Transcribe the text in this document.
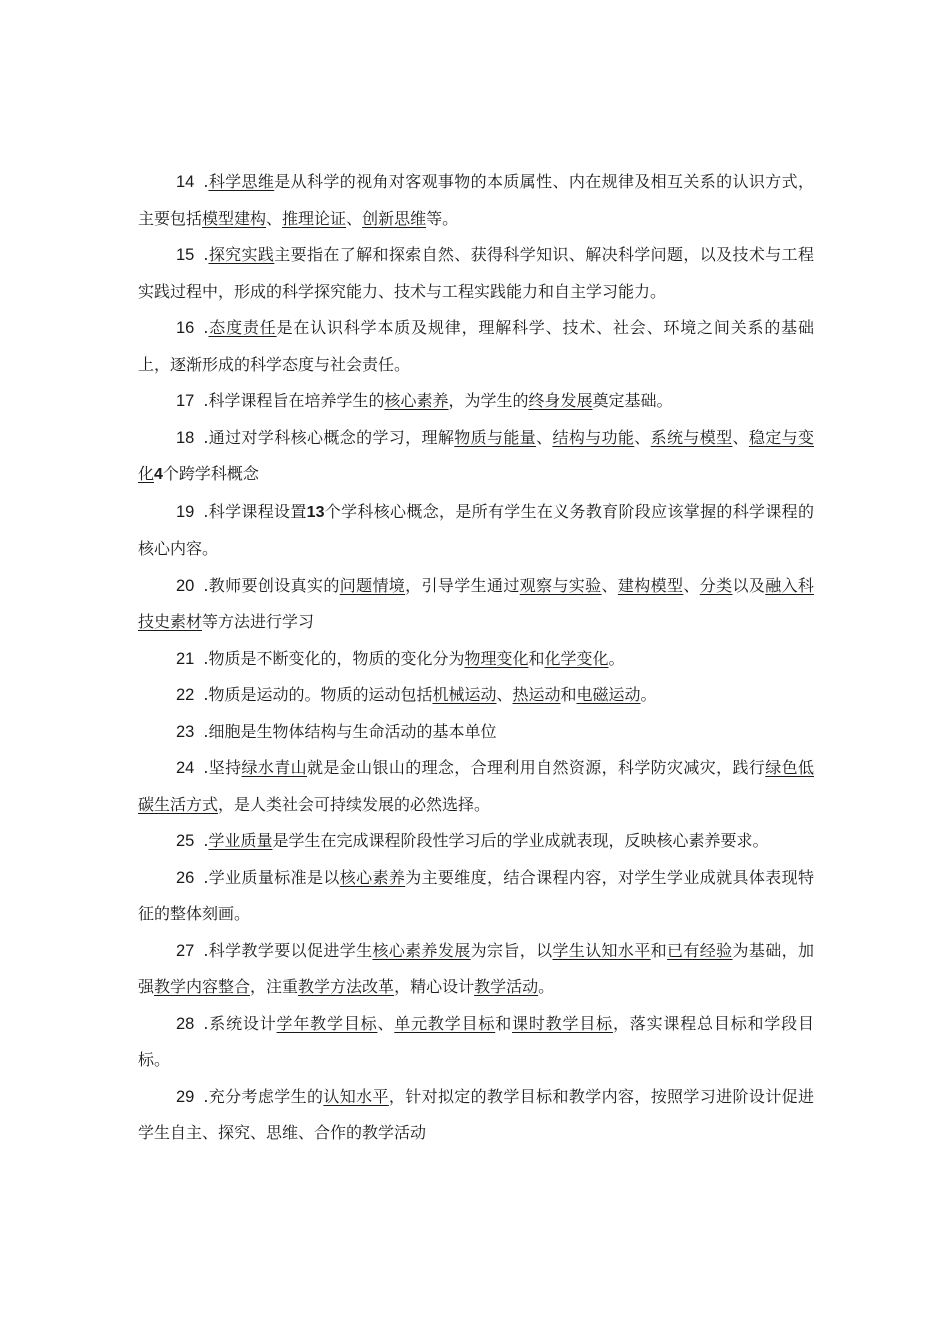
14 .科学思维是从科学的视角对客观事物的本质属性、内在规律及相互关系的认识方式，主要包括模型建构、推理论证、创新思维等。

15 .探究实践主要指在了解和探索自然、获得科学知识、解决科学问题，以及技术与工程实践过程中，形成的科学探究能力、技术与工程实践能力和自主学习能力。

16 .态度责任是在认识科学本质及规律，理解科学、技术、社会、环境之间关系的基础上，逐渐形成的科学态度与社会责任。

17 .科学课程旨在培养学生的核心素养，为学生的终身发展奠定基础。

18 .通过对学科核心概念的学习，理解物质与能量、结构与功能、系统与模型、稳定与变化4个跨学科概念

19 .科学课程设置13个学科核心概念，是所有学生在义务教育阶段应该掌握的科学课程的核心内容。

20 .教师要创设真实的问题情境，引导学生通过观察与实验、建构模型、分类以及融入科技史素材等方法进行学习

21 .物质是不断变化的，物质的变化分为物理变化和化学变化。

22 .物质是运动的。物质的运动包括机械运动、热运动和电磁运动。

23 .细胞是生物体结构与生命活动的基本单位

24 .坚持绿水青山就是金山银山的理念，合理利用自然资源，科学防灾减灾，践行绿色低碳生活方式，是人类社会可持续发展的必然选择。

25 .学业质量是学生在完成课程阶段性学习后的学业成就表现，反映核心素养要求。

26 .学业质量标准是以核心素养为主要维度，结合课程内容，对学生学业成就具体表现特征的整体刻画。

27 .科学教学要以促进学生核心素养发展为宗旨，以学生认知水平和已有经验为基础，加强教学内容整合，注重教学方法改革，精心设计教学活动。

28 .系统设计学年教学目标、单元教学目标和课时教学目标，落实课程总目标和学段目标。

29 .充分考虑学生的认知水平，针对拟定的教学目标和教学内容，按照学习进阶设计促进学生自主、探究、思维、合作的教学活动
